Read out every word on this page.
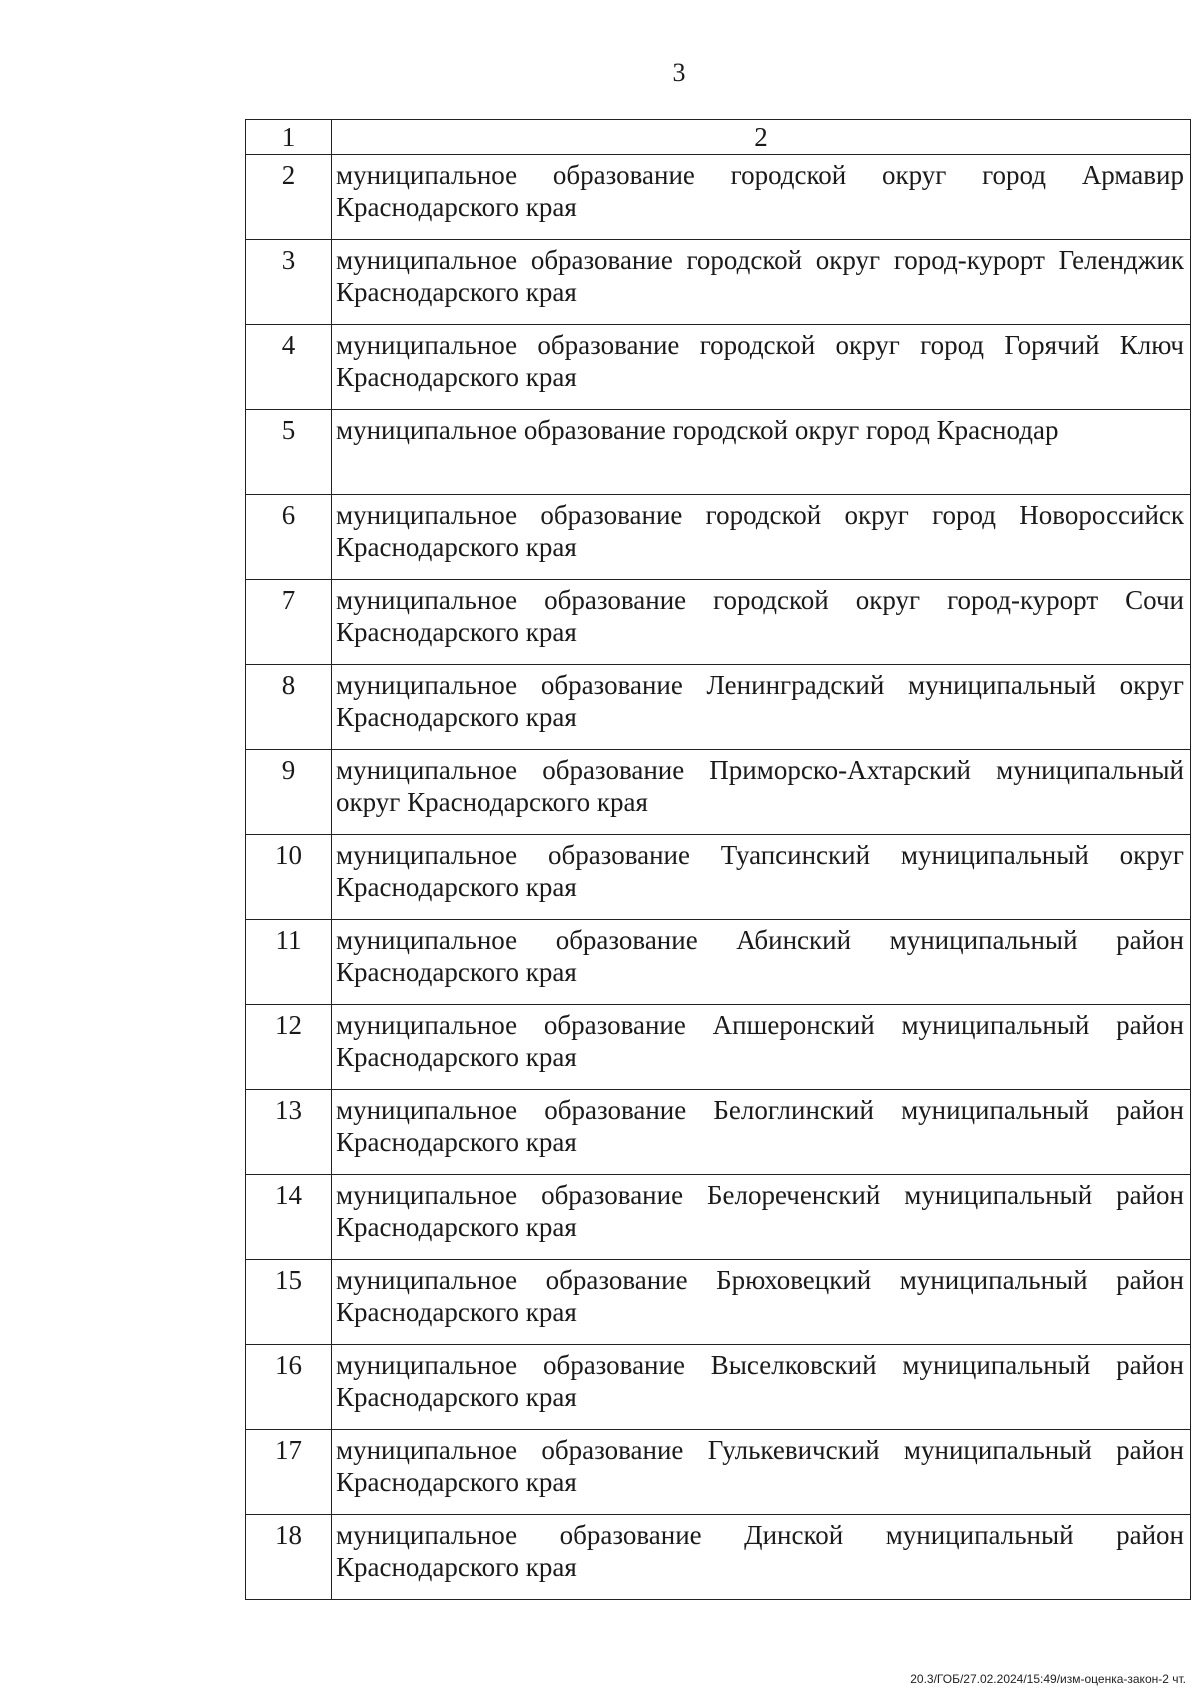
3
1	2
2	муниципальное образование городской округ город Армавир Краснодарского края
3	муниципальное образование городской округ город-курорт Геленджик Краснодарского края
4	муниципальное образование городской округ город Горячий Ключ Краснодарского края
5	муниципальное образование городской округ город Краснодар
6	муниципальное образование городской округ город Новороссийск Краснодарского края
7	муниципальное образование городской округ город-курорт Сочи Краснодарского края
8	муниципальное образование Ленинградский муниципальный округ Краснодарского края
9	муниципальное образование Приморско-Ахтарский муниципальный округ Краснодарского края
10	муниципальное образование Туапсинский муниципальный округ Краснодарского края
11	муниципальное образование Абинский муниципальный район Краснодарского края
12	муниципальное образование Апшеронский муниципальный район Краснодарского края
13	муниципальное образование Белоглинский муниципальный район Краснодарского края
14	муниципальное образование Белореченский муниципальный район Краснодарского края
15	муниципальное образование Брюховецкий муниципальный район Краснодарского края
16	муниципальное образование Выселковский муниципальный район Краснодарского края
17	муниципальное образование Гулькевичский муниципальный район Краснодарского края
18	муниципальное образование Динской муниципальный район Краснодарского края
20.3/ГОБ/27.02.2024/15:49/изм-оценка-закон-2 чт.
